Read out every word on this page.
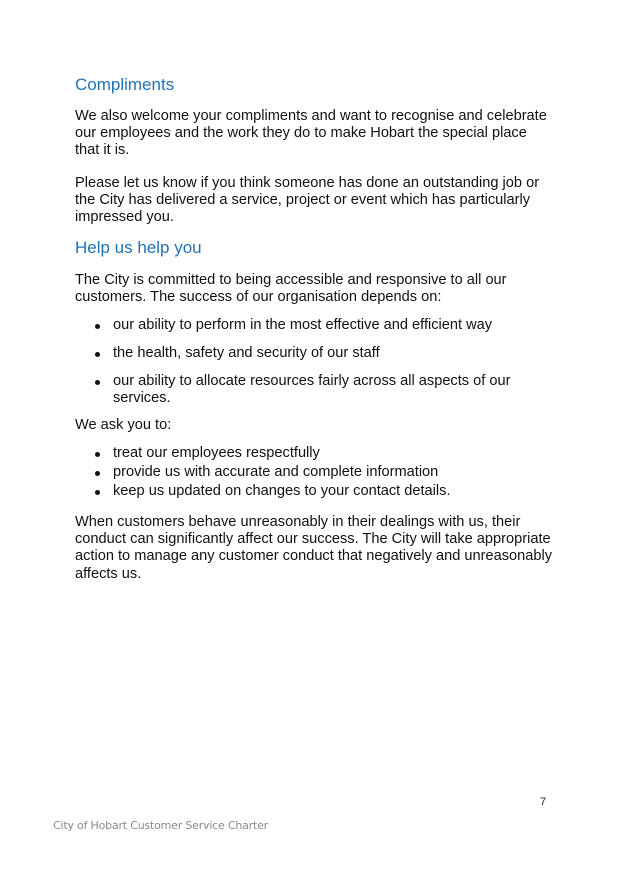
Compliments

We also welcome your compliments and want to recognise and celebrate our employees and the work they do to make Hobart the special place that it is.

Please let us know if you think someone has done an outstanding job or the City has delivered a service, project or event which has particularly impressed you.

Help us help you

The City is committed to being accessible and responsive to all our customers. The success of our organisation depends on:

our ability to perform in the most effective and efficient way
the health, safety and security of our staff
our ability to allocate resources fairly across all aspects of our services.

We ask you to:

treat our employees respectfully
provide us with accurate and complete information
keep us updated on changes to your contact details.

When customers behave unreasonably in their dealings with us, their conduct can significantly affect our success. The City will take appropriate action to manage any customer conduct that negatively and unreasonably affects us.

7
City of Hobart Customer Service Charter
